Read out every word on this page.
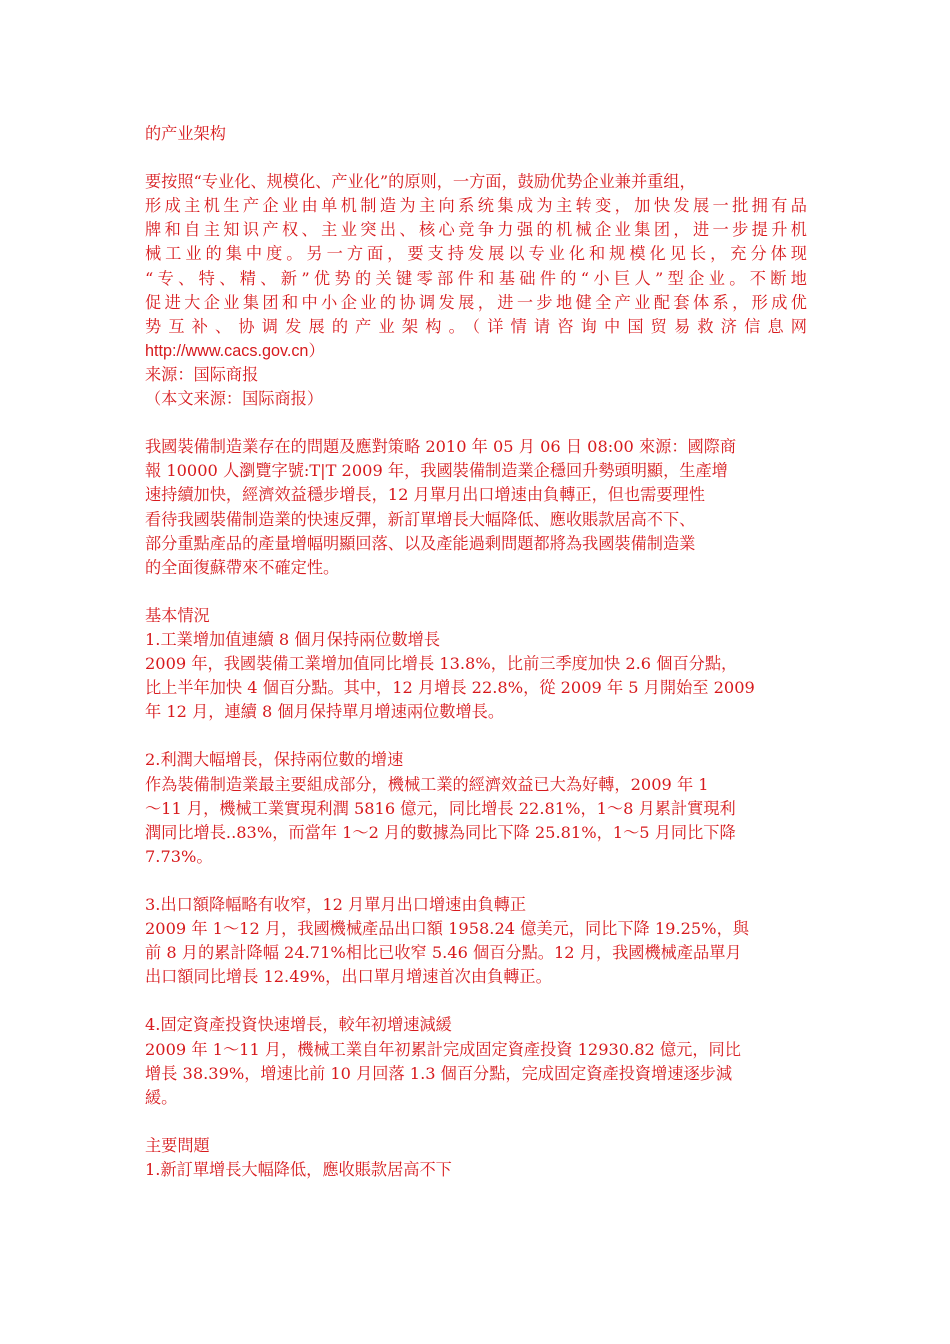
的产业架构
要按照“专业化、规模化、产业化”的原则，一方面，鼓励优势企业兼并重组，
形成主机生产企业由单机制造为主向系统集成为主转变，加快发展一批拥有品
牌和自主知识产权、主业突出、核心竞争力强的机械企业集团，进一步提升机
械工业的集中度。另一方面，要支持发展以专业化和规模化见长，充分体现
“专、特、精、新”优势的关键零部件和基础件的“小巨人”型企业。不断地
促进大企业集团和中小企业的协调发展，进一步地健全产业配套体系，形成优
势互补、协调发展的产业架构。（详情请咨询中国贸易救济信息网
http://www.cacs.gov.cn）
来源：国际商报
（本文来源：国际商报）
我國裝備制造業存在的問題及應對策略 2010 年 05 月 06 日 08:00 來源：國際商
報 10000 人瀏覽字號:T|T 2009 年，我國裝備制造業企穩回升勢頭明顯，生產增
速持續加快，經濟效益穩步增長，12 月單月出口增速由負轉正，但也需要理性
看待我國裝備制造業的快速反彈，新訂單增長大幅降低、應收賬款居高不下、
部分重點產品的產量增幅明顯回落、以及產能過剩問題都將為我國裝備制造業
的全面復蘇帶來不確定性。
基本情況
1.工業增加值連續 8 個月保持兩位數增長
2009 年，我國裝備工業增加值同比增長 13.8%，比前三季度加快 2.6 個百分點，
比上半年加快 4 個百分點。其中，12 月增長 22.8%，從 2009 年 5 月開始至 2009
年 12 月，連續 8 個月保持單月增速兩位數增長。
2.利潤大幅增長，保持兩位數的增速
作為裝備制造業最主要組成部分，機械工業的經濟效益已大為好轉，2009 年 1
～11 月，機械工業實現利潤 5816 億元，同比增長 22.81%，1～8 月累計實現利
潤同比增長..83%，而當年 1～2 月的數據為同比下降 25.81%，1～5 月同比下降
7.73%。
3.出口額降幅略有收窄，12 月單月出口增速由負轉正
2009 年 1～12 月，我國機械產品出口額 1958.24 億美元，同比下降 19.25%，與
前 8 月的累計降幅 24.71%相比已收窄 5.46 個百分點。12 月，我國機械產品單月
出口額同比增長 12.49%，出口單月增速首次由負轉正。
4.固定資產投資快速增長，較年初增速減緩
2009 年 1～11 月，機械工業自年初累計完成固定資產投資 12930.82 億元，同比
增長 38.39%，增速比前 10 月回落 1.3 個百分點，完成固定資產投資增速逐步減
緩。
主要問題
1.新訂單增長大幅降低，應收賬款居高不下
